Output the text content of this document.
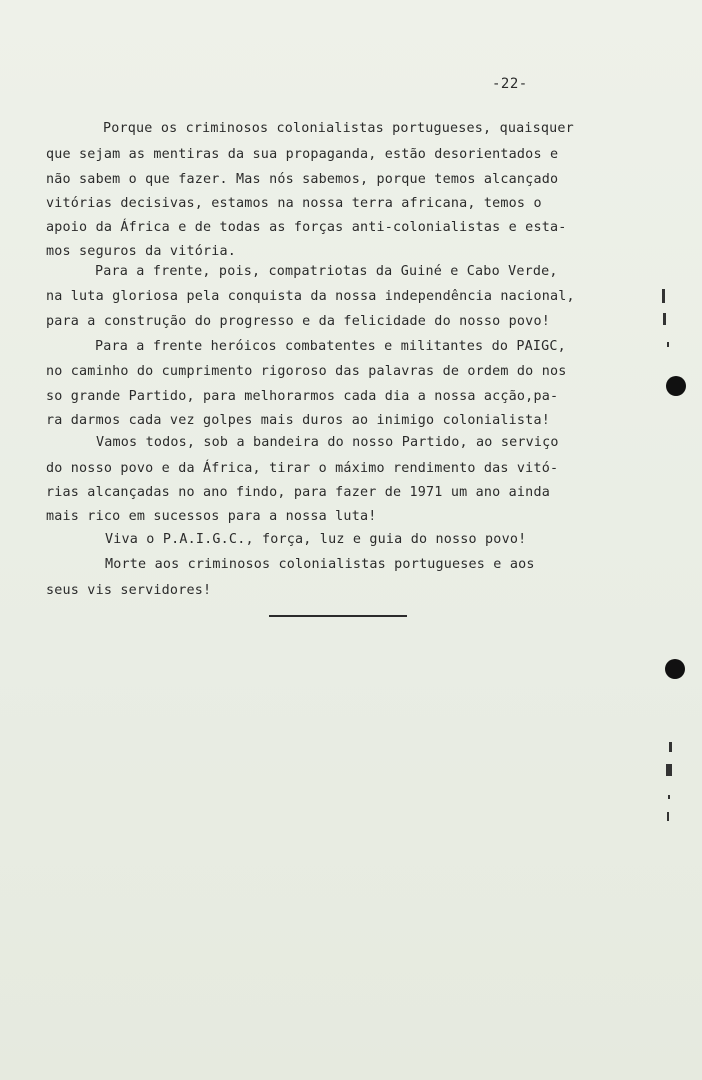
-22-
Porque os criminosos colonialistas portugueses, quaisquer
que sejam as mentiras da sua propaganda, estão desorientados e
não sabem o que fazer. Mas nós sabemos, porque temos alcançado
vitórias decisivas, estamos na nossa terra africana, temos o
apoio da África e de todas as forças anti-colonialistas e esta-
mos seguros da vitória.
Para a frente, pois, compatriotas da Guiné e Cabo Verde,
na luta gloriosa pela conquista da nossa independência nacional,
para a construção do progresso e da felicidade do nosso povo!
Para a frente heróicos combatentes e militantes do PAIGC,
no caminho do cumprimento rigoroso das palavras de ordem do nos
so grande Partido, para melhorarmos cada dia a nossa acção,pa-
ra darmos cada vez golpes mais duros ao inimigo colonialista!
Vamos todos, sob a bandeira do nosso Partido, ao serviço
do nosso povo e da África, tirar o máximo rendimento das vitó-
rias alcançadas no ano findo, para fazer de 1971 um ano ainda
mais rico em sucessos para a nossa luta!
Viva o P.A.I.G.C., força, luz e guia do nosso povo!
Morte aos criminosos colonialistas portugueses e aos
seus vis servidores!
